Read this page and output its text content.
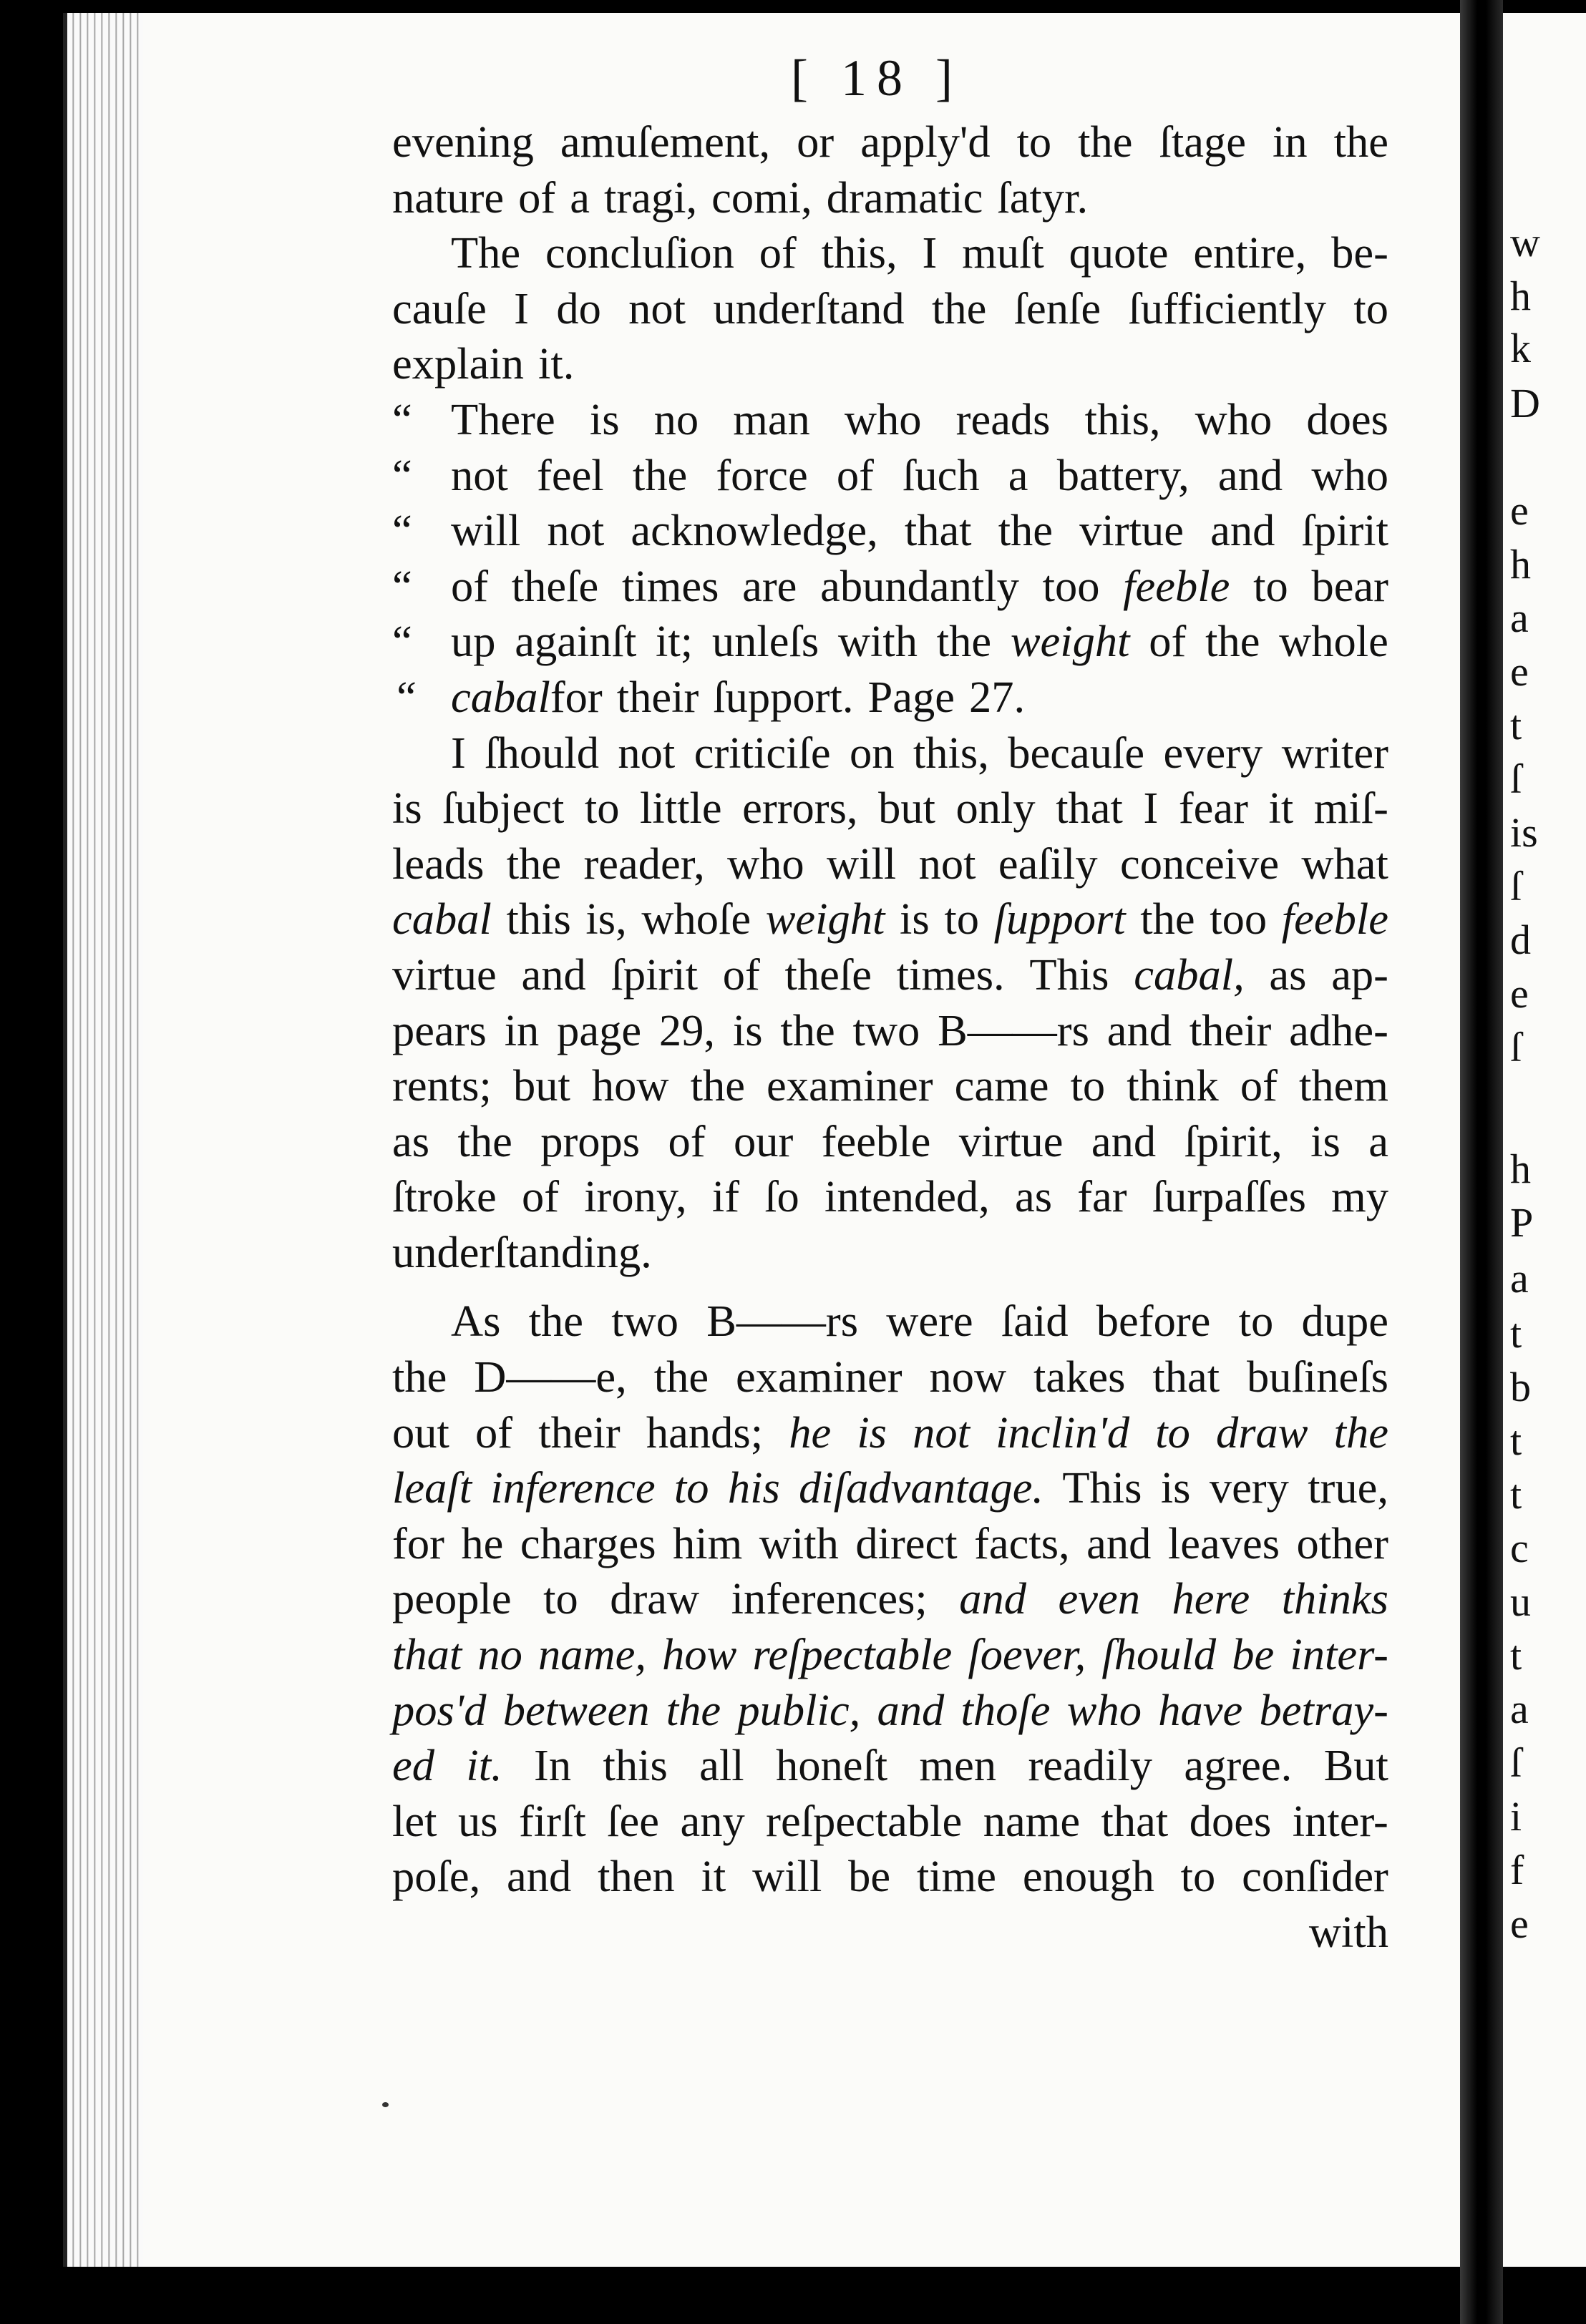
w
h
k
D
e
h
a
e
t
ſ
is
ſ
d
e
ſ
h
P
a
t
b
t
t
c
u
t
a
ſ
i
f
e
[ 18 ]
evening amuſement, or apply'd to the ſtage in the
nature of a tragi, comi, dramatic ſatyr.
The concluſion of this, I muſt quote entire, be-
cauſe I do not underſtand the ſenſe ſufficiently to
explain it.
“ There is no man who reads this, who does
“ not feel the force of ſuch a battery, and who
“ will not acknowledge, that the virtue and ſpirit
“ of theſe times are abundantly too feeble to bear
“ up againſt it; unleſs with the weight of the whole
“ cabal for their ſupport. Page 27.
I ſhould not criticiſe on this, becauſe every writer
is ſubject to little errors, but only that I fear it miſ-
leads the reader, who will not eaſily conceive what
cabal this is, whoſe weight is to ſupport the too feeble
virtue and ſpirit of theſe times. This cabal, as ap-
pears in page 29, is the two B——rs and their adhe-
rents; but how the examiner came to think of them
as the props of our feeble virtue and ſpirit, is a
ſtroke of irony, if ſo intended, as far ſurpaſſes my
underſtanding.
As the two B——rs were ſaid before to dupe
the D——e, the examiner now takes that buſineſs
out of their hands; he is not inclin'd to draw the
leaſt inference to his diſadvantage. This is very true,
for he charges him with direct facts, and leaves other
people to draw inferences; and even here thinks
that no name, how reſpectable ſoever, ſhould be inter-
pos'd between the public, and thoſe who have betray-
ed it. In this all honeſt men readily agree. But
let us firſt ſee any reſpectable name that does inter-
poſe, and then it will be time enough to conſider
with
